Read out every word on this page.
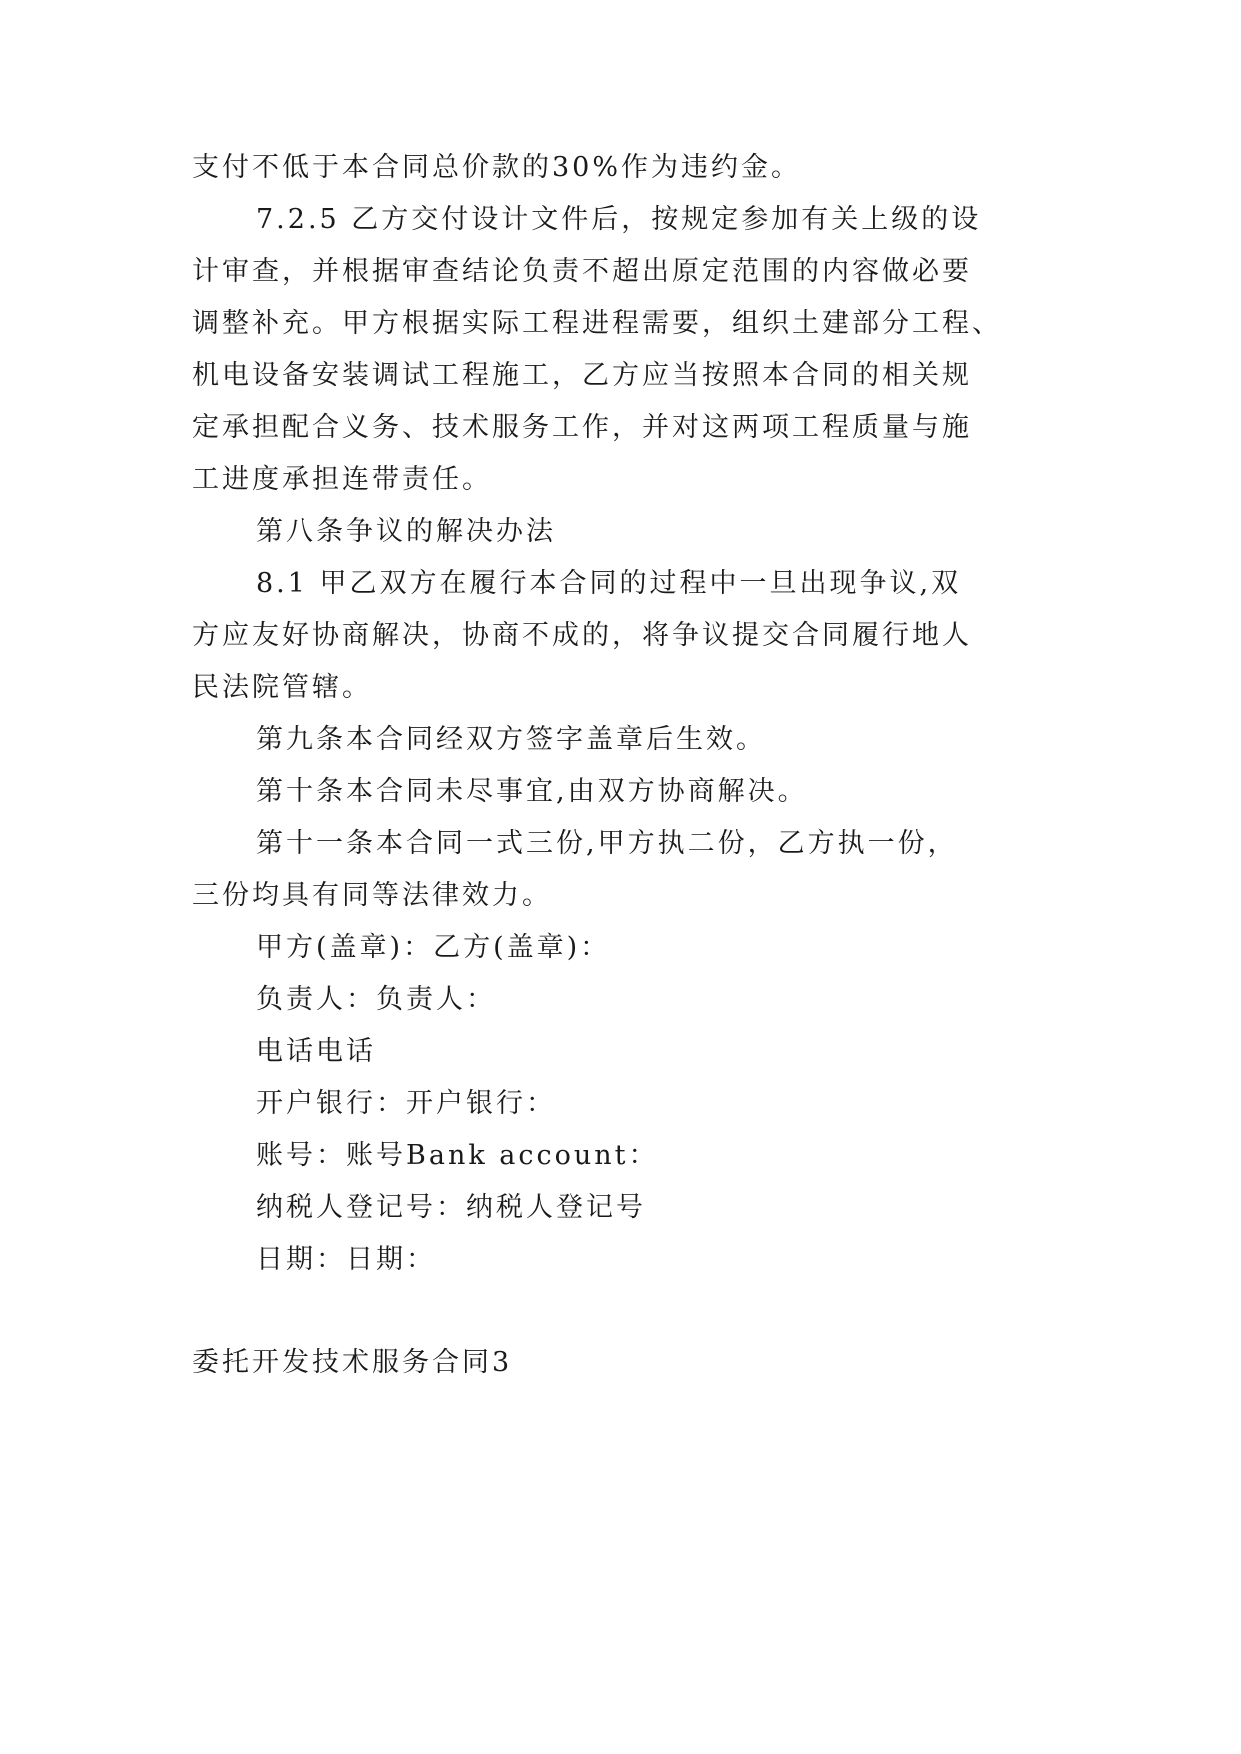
支付不低于本合同总价款的30%作为违约金。
7.2.5 乙方交付设计文件后，按规定参加有关上级的设
计审查，并根据审查结论负责不超出原定范围的内容做必要
调整补充。甲方根据实际工程进程需要，组织土建部分工程、
机电设备安装调试工程施工，乙方应当按照本合同的相关规
定承担配合义务、技术服务工作，并对这两项工程质量与施
工进度承担连带责任。
第八条争议的解决办法
8.1 甲乙双方在履行本合同的过程中一旦出现争议,双
方应友好协商解决，协商不成的，将争议提交合同履行地人
民法院管辖。
第九条本合同经双方签字盖章后生效。
第十条本合同未尽事宜,由双方协商解决。
第十一条本合同一式三份,甲方执二份，乙方执一份，
三份均具有同等法律效力。
甲方(盖章)：乙方(盖章)：
负责人：负责人：
电话电话
开户银行：开户银行：
账号：账号Bank account：
纳税人登记号：纳税人登记号
日期：日期：
委托开发技术服务合同3
